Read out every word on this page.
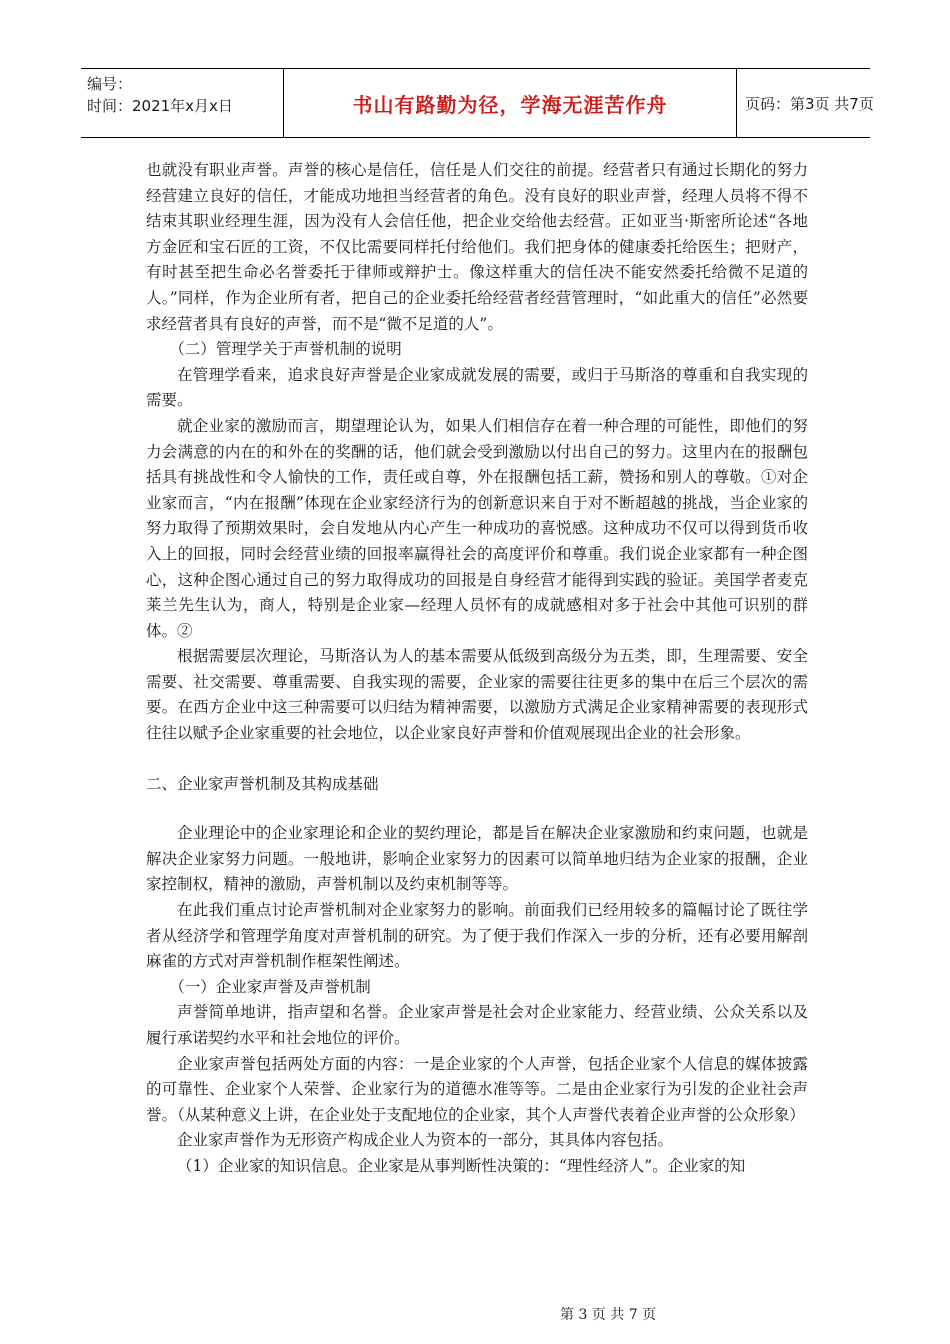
编号：
时间：2021年x月x日	书山有路勤为径，学海无涯苦作舟	页码：第3页 共7页

也就没有职业声誉。声誉的核心是信任，信任是人们交往的前提。经营者只有通过长期化的努力经营建立良好的信任，才能成功地担当经营者的角色。没有良好的职业声誉，经理人员将不得不结束其职业经理生涯，因为没有人会信任他，把企业交给他去经营。正如亚当·斯密所论述“各地方金匠和宝石匠的工资，不仅比需要同样托付给他们。我们把身体的健康委托给医生；把财产，有时甚至把生命必名誉委托于律师或辩护士。像这样重大的信任决不能安然委托给微不足道的人。”同样，作为企业所有者，把自己的企业委托给经营者经营管理时，“如此重大的信任”必然要求经营者具有良好的声誉，而不是“微不足道的人”。

（二）管理学关于声誉机制的说明

在管理学看来，追求良好声誉是企业家成就发展的需要，或归于马斯洛的尊重和自我实现的需要。

就企业家的激励而言，期望理论认为，如果人们相信存在着一种合理的可能性，即他们的努力会满意的内在的和外在的奖酬的话，他们就会受到激励以付出自己的努力。这里内在的报酬包括具有挑战性和令人愉快的工作，责任或自尊，外在报酬包括工薪，赞扬和别人的尊敬。①对企业家而言，“内在报酬”体现在企业家经济行为的创新意识来自于对不断超越的挑战，当企业家的努力取得了预期效果时，会自发地从内心产生一种成功的喜悦感。这种成功不仅可以得到货币收入上的回报，同时会经营业绩的回报率赢得社会的高度评价和尊重。我们说企业家都有一种企图心，这种企图心通过自己的努力取得成功的回报是自身经营才能得到实践的验证。美国学者麦克莱兰先生认为，商人，特别是企业家—经理人员怀有的成就感相对多于社会中其他可识别的群体。②

根据需要层次理论，马斯洛认为人的基本需要从低级到高级分为五类，即，生理需要、安全需要、社交需要、尊重需要、自我实现的需要，企业家的需要往往更多的集中在后三个层次的需要。在西方企业中这三种需要可以归结为精神需要，以激励方式满足企业家精神需要的表现形式往往以赋予企业家重要的社会地位，以企业家良好声誉和价值观展现出企业的社会形象。

二、企业家声誉机制及其构成基础

企业理论中的企业家理论和企业的契约理论，都是旨在解决企业家激励和约束问题，也就是解决企业家努力问题。一般地讲，影响企业家努力的因素可以简单地归结为企业家的报酬，企业家控制权，精神的激励，声誉机制以及约束机制等等。

在此我们重点讨论声誉机制对企业家努力的影响。前面我们已经用较多的篇幅讨论了既往学者从经济学和管理学角度对声誉机制的研究。为了便于我们作深入一步的分析，还有必要用解剖麻雀的方式对声誉机制作框架性阐述。

（一）企业家声誉及声誉机制

声誉简单地讲，指声望和名誉。企业家声誉是社会对企业家能力、经营业绩、公众关系以及履行承诺契约水平和社会地位的评价。

企业家声誉包括两处方面的内容：一是企业家的个人声誉，包括企业家个人信息的媒体披露的可靠性、企业家个人荣誉、企业家行为的道德水准等等。二是由企业家行为引发的企业社会声誉。（从某种意义上讲，在企业处于支配地位的企业家，其个人声誉代表着企业声誉的公众形象）

企业家声誉作为无形资产构成企业人为资本的一部分，其具体内容包括。

（1）企业家的知识信息。企业家是从事判断性决策的：“理性经济人”。企业家的知

第 3 页 共 7 页
